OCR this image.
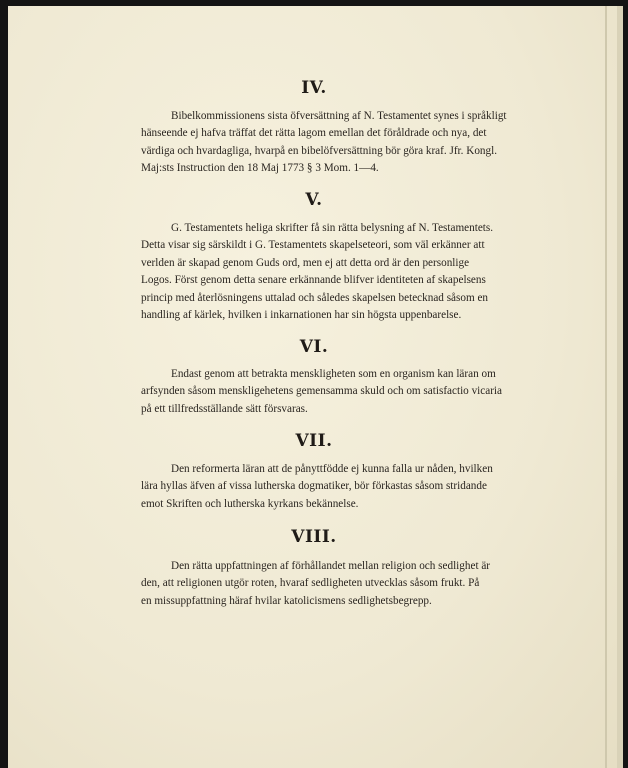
IV.
Bibelkommissionens sista öfversättning af N. Testamentet synes i språkligt
hänseende ej hafva träffat det rätta lagom emellan det föråldrade och nya, det
värdiga och hvardagliga, hvarpå en bibelöfversättning bör göra kraf. Jfr. Kongl.
Maj:sts Instruction den 18 Maj 1773 § 3 Mom. 1—4.
V.
G. Testamentets heliga skrifter få sin rätta belysning af N. Testamentets.
Detta visar sig särskildt i G. Testamentets skapelseteori, som väl erkänner att
verlden är skapad genom Guds ord, men ej att detta ord är den personlige
Logos. Först genom detta senare erkännande blifver identiteten af skapelsens
princip med återlösningens uttalad och således skapelsen betecknad såsom en
handling af kärlek, hvilken i inkarnationen har sin högsta uppenbarelse.
VI.
Endast genom att betrakta menskligheten som en organism kan läran om
arfsynden såsom menskligehetens gemensamma skuld och om satisfactio vicaria
på ett tillfredsställande sätt försvaras.
VII.
Den reformerta läran att de pånyttfödde ej kunna falla ur nåden, hvilken
lära hyllas äfven af vissa lutherska dogmatiker, bör förkastas såsom stridande
emot Skriften och lutherska kyrkans bekännelse.
VIII.
Den rätta uppfattningen af förhållandet mellan religion och sedlighet är
den, att religionen utgör roten, hvaraf sedligheten utvecklas såsom frukt. På
en missuppfattning häraf hvilar katolicismens sedlighetsbegrepp.
